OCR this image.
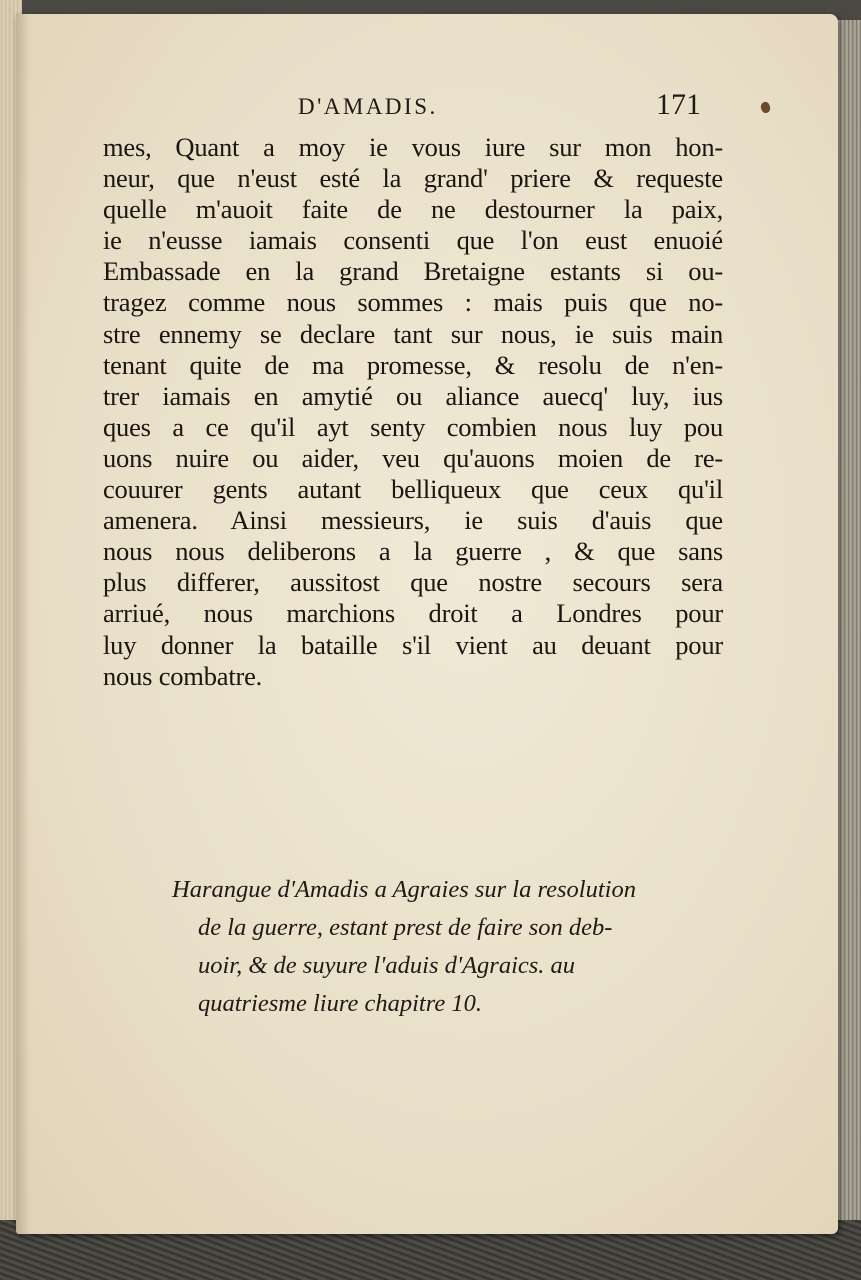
D'AMADIS.	171

mes, Quant a moy ie vous iure sur mon hon-
neur, que n'eust esté la grand' priere & requeste
quelle m'auoit faite de ne destourner la paix,
ie n'eusse iamais consenti que l'on eust enuoié
Embassade en la grand Bretaigne estants si ou-
tragez comme nous sommes : mais puis que no-
stre ennemy se declare tant sur nous, ie suis main
tenant quite de ma promesse, & resolu de n'en-
trer iamais en amytié ou aliance auecq' luy, ius
ques a ce qu'il ayt senty combien nous luy pou
uons nuire ou aider, veu qu'auons moien de re-
couurer gents autant belliqueux que ceux qu'il
amenera. Ainsi messieurs, ie suis d'auis que
nous nous deliberons a la guerre , & que sans
plus differer, aussitost que nostre secours sera
arriué, nous marchions droit a Londres pour
luy donner la bataille s'il vient au deuant pour
nous combatre.

Harangue d'Amadis a Agraies sur la resolution
de la guerre, estant prest de faire son deb-
uoir, & de suyure l'aduis d'Agraics. au
quatriesme liure chapitre 10.
